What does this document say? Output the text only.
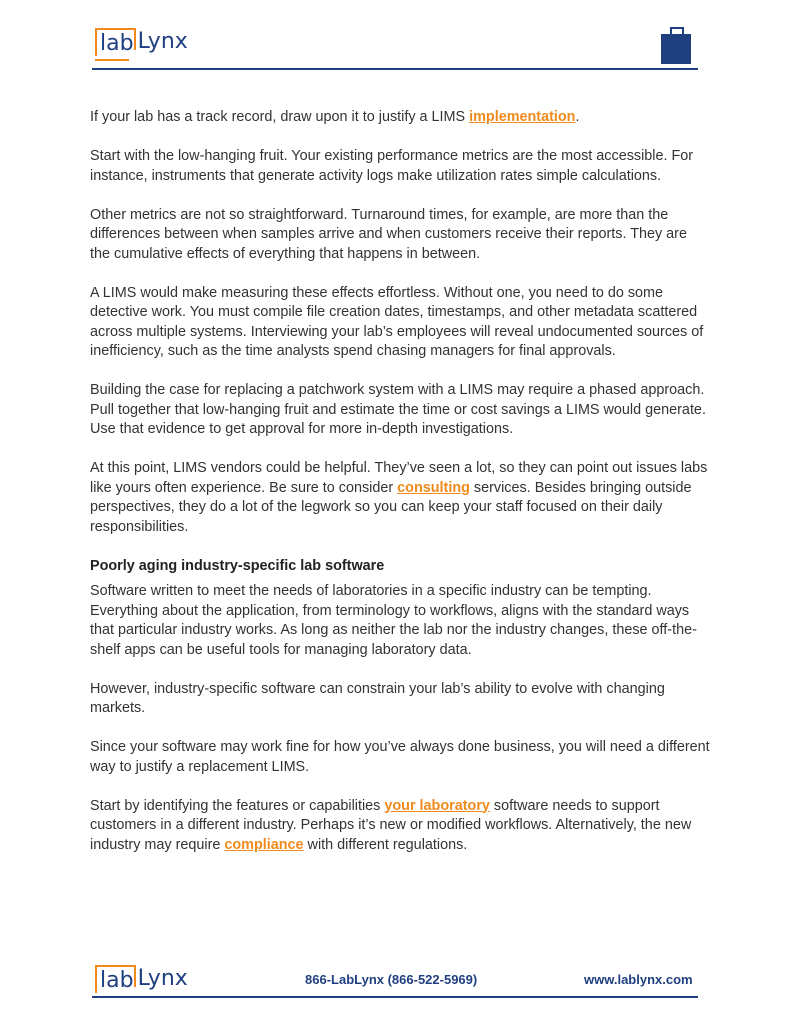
lab Lynx

If your lab has a track record, draw upon it to justify a LIMS implementation.

Start with the low-hanging fruit. Your existing performance metrics are the most accessible. For instance, instruments that generate activity logs make utilization rates simple calculations.

Other metrics are not so straightforward. Turnaround times, for example, are more than the differences between when samples arrive and when customers receive their reports. They are the cumulative effects of everything that happens in between.

A LIMS would make measuring these effects effortless. Without one, you need to do some detective work. You must compile file creation dates, timestamps, and other metadata scattered across multiple systems. Interviewing your lab’s employees will reveal undocumented sources of inefficiency, such as the time analysts spend chasing managers for final approvals.

Building the case for replacing a patchwork system with a LIMS may require a phased approach. Pull together that low-hanging fruit and estimate the time or cost savings a LIMS would generate. Use that evidence to get approval for more in-depth investigations.

At this point, LIMS vendors could be helpful. They’ve seen a lot, so they can point out issues labs like yours often experience. Be sure to consider consulting services. Besides bringing outside perspectives, they do a lot of the legwork so you can keep your staff focused on their daily responsibilities.

Poorly aging industry-specific lab software

Software written to meet the needs of laboratories in a specific industry can be tempting. Everything about the application, from terminology to workflows, aligns with the standard ways that particular industry works. As long as neither the lab nor the industry changes, these off-the-shelf apps can be useful tools for managing laboratory data.

However, industry-specific software can constrain your lab’s ability to evolve with changing markets.

Since your software may work fine for how you’ve always done business, you will need a different way to justify a replacement LIMS.

Start by identifying the features or capabilities your laboratory software needs to support customers in a different industry. Perhaps it’s new or modified workflows. Alternatively, the new industry may require compliance with different regulations.

lab Lynx	866-LabLynx (866-522-5969)	www.lablynx.com
